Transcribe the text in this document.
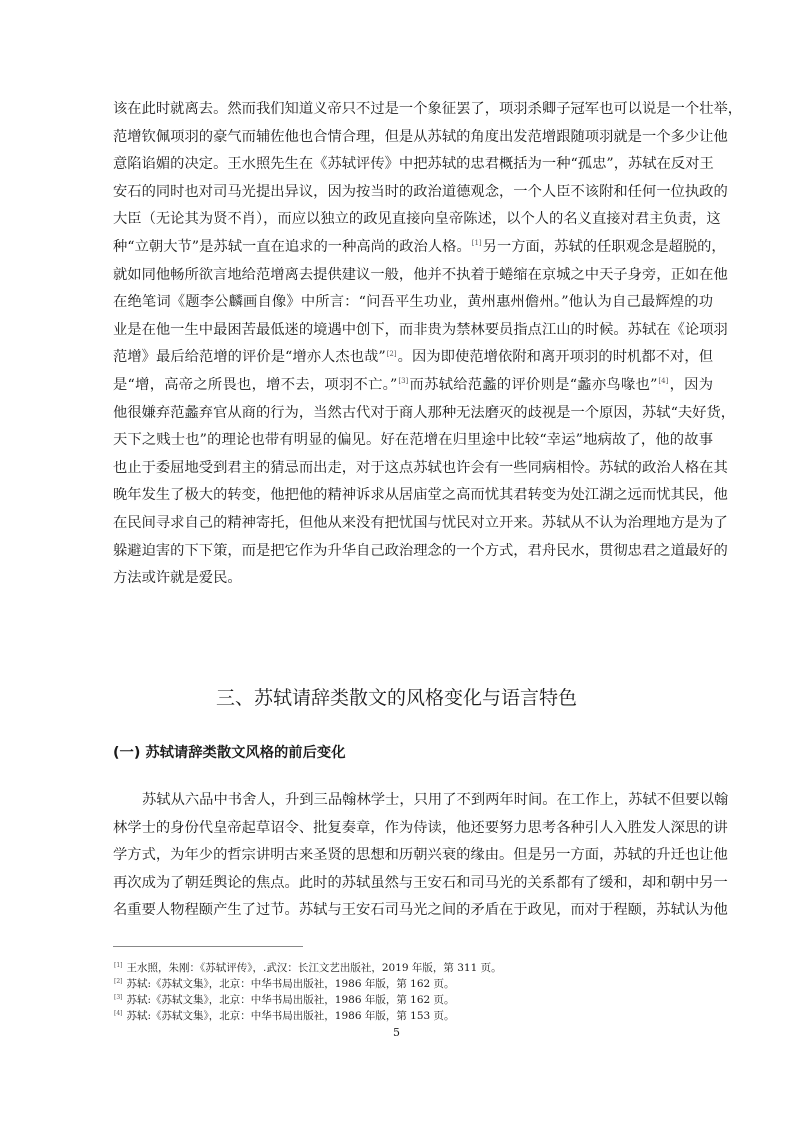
该在此时就离去。然而我们知道义帝只不过是一个象征罢了，项羽杀卿子冠军也可以说是一个壮举，
范增钦佩项羽的豪气而辅佐他也合情合理，但是从苏轼的角度出发范增跟随项羽就是一个多少让他
意陷谄媚的决定。王水照先生在《苏轼评传》中把苏轼的忠君概括为一种“孤忠”，苏轼在反对王
安石的同时也对司马光提出异议，因为按当时的政治道德观念，一个人臣不该附和任何一位执政的
大臣（无论其为贤不肖），而应以独立的政见直接向皇帝陈述，以个人的名义直接对君主负责，这
种“立朝大节”是苏轼一直在追求的一种高尚的政治人格。[1]另一方面，苏轼的任职观念是超脱的，
就如同他畅所欲言地给范增离去提供建议一般，他并不执着于蜷缩在京城之中天子身旁，正如在他
在绝笔词《题李公麟画自像》中所言：“问吾平生功业，黄州惠州儋州。”他认为自己最辉煌的功
业是在他一生中最困苦最低迷的境遇中创下，而非贵为禁林要员指点江山的时候。苏轼在《论项羽
范增》最后给范增的评价是“增亦人杰也哉”[2]。因为即使范增依附和离开项羽的时机都不对，但
是“增，高帝之所畏也，增不去，项羽不亡。”[3]而苏轼给范蠡的评价则是“蠡亦鸟喙也”[4]，因为
他很嫌弃范蠡弃官从商的行为，当然古代对于商人那种无法磨灭的歧视是一个原因，苏轼“夫好货，
天下之贱士也”的理论也带有明显的偏见。好在范增在归里途中比较“幸运”地病故了，他的故事
也止于委屈地受到君主的猜忌而出走，对于这点苏轼也许会有一些同病相怜。苏轼的政治人格在其
晚年发生了极大的转变，他把他的精神诉求从居庙堂之高而忧其君转变为处江湖之远而忧其民，他
在民间寻求自己的精神寄托，但他从来没有把忧国与忧民对立开来。苏轼从不认为治理地方是为了
躲避迫害的下下策，而是把它作为升华自己政治理念的一个方式，君舟民水，贯彻忠君之道最好的
方法或许就是爱民。
三、苏轼请辞类散文的风格变化与语言特色
(一) 苏轼请辞类散文风格的前后变化
苏轼从六品中书舍人，升到三品翰林学士，只用了不到两年时间。在工作上，苏轼不但要以翰
林学士的身份代皇帝起草诏令、批复奏章，作为侍读，他还要努力思考各种引人入胜发人深思的讲
学方式，为年少的哲宗讲明古来圣贤的思想和历朝兴衰的缘由。但是另一方面，苏轼的升迁也让他
再次成为了朝廷舆论的焦点。此时的苏轼虽然与王安石和司马光的关系都有了缓和，却和朝中另一
名重要人物程颐产生了过节。苏轼与王安石司马光之间的矛盾在于政见，而对于程颐，苏轼认为他
[1] 王水照，朱刚：《苏轼评传》，.武汉：长江文艺出版社，2019 年版，第 311 页。
[2] 苏轼:《苏轼文集》，北京：中华书局出版社，1986 年版，第 162 页。
[3] 苏轼:《苏轼文集》，北京：中华书局出版社，1986 年版，第 162 页。
[4] 苏轼:《苏轼文集》，北京：中华书局出版社，1986 年版，第 153 页。
5
